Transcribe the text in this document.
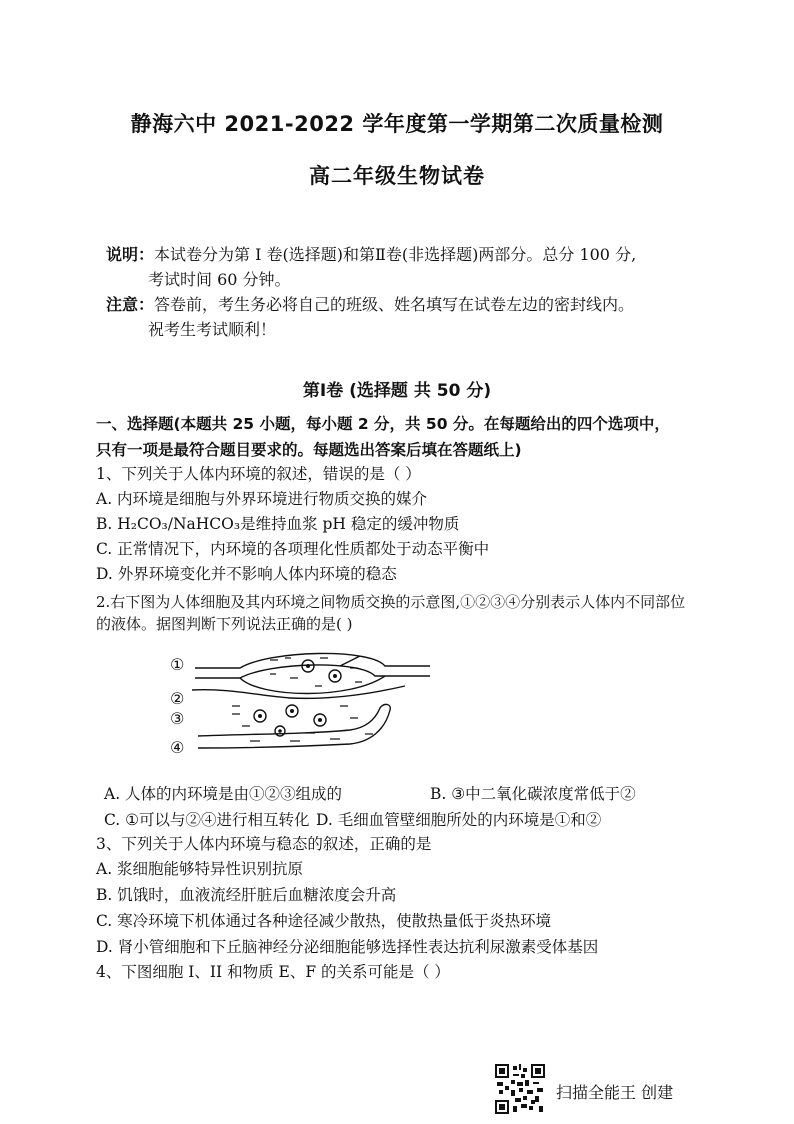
静海六中 2021-2022 学年度第一学期第二次质量检测
高二年级生物试卷
说明：本试卷分为第 I 卷(选择题)和第Ⅱ卷(非选择题)两部分。总分 100 分,
考试时间 60 分钟。
注意：答卷前，考生务必将自己的班级、姓名填写在试卷左边的密封线内。
祝考生考试顺利！
第Ⅰ卷 (选择题 共 50 分)
一、选择题(本题共 25 小题，每小题 2 分，共 50 分。在每题给出的四个选项中，
只有一项是最符合题目要求的。每题选出答案后填在答题纸上)
1、下列关于人体内环境的叙述，错误的是（ ）
A. 内环境是细胞与外界环境进行物质交换的媒介
B. H₂CO₃/NaHCO₃是维持血浆 pH 稳定的缓冲物质
C. 正常情况下，内环境的各项理化性质都处于动态平衡中
D. 外界环境变化并不影响人体内环境的稳态
2.右下图为人体细胞及其内环境之间物质交换的示意图,①②③④分别表示人体内不同部位
的液体。据图判断下列说法正确的是( )
①
②
③
④
A. 人体的内环境是由①②③组成的	B. ③中二氧化碳浓度常低于②
C. ①可以与②④进行相互转化 D. 毛细血管壁细胞所处的内环境是①和②
3、下列关于人体内环境与稳态的叙述，正确的是
A. 浆细胞能够特异性识别抗原
B. 饥饿时，血液流经肝脏后血糖浓度会升高
C. 寒冷环境下机体通过各种途径减少散热，使散热量低于炎热环境
D. 肾小管细胞和下丘脑神经分泌细胞能够选择性表达抗利尿激素受体基因
4、下图细胞 I、II 和物质 E、F 的关系可能是（ ）
扫描全能王 创建
